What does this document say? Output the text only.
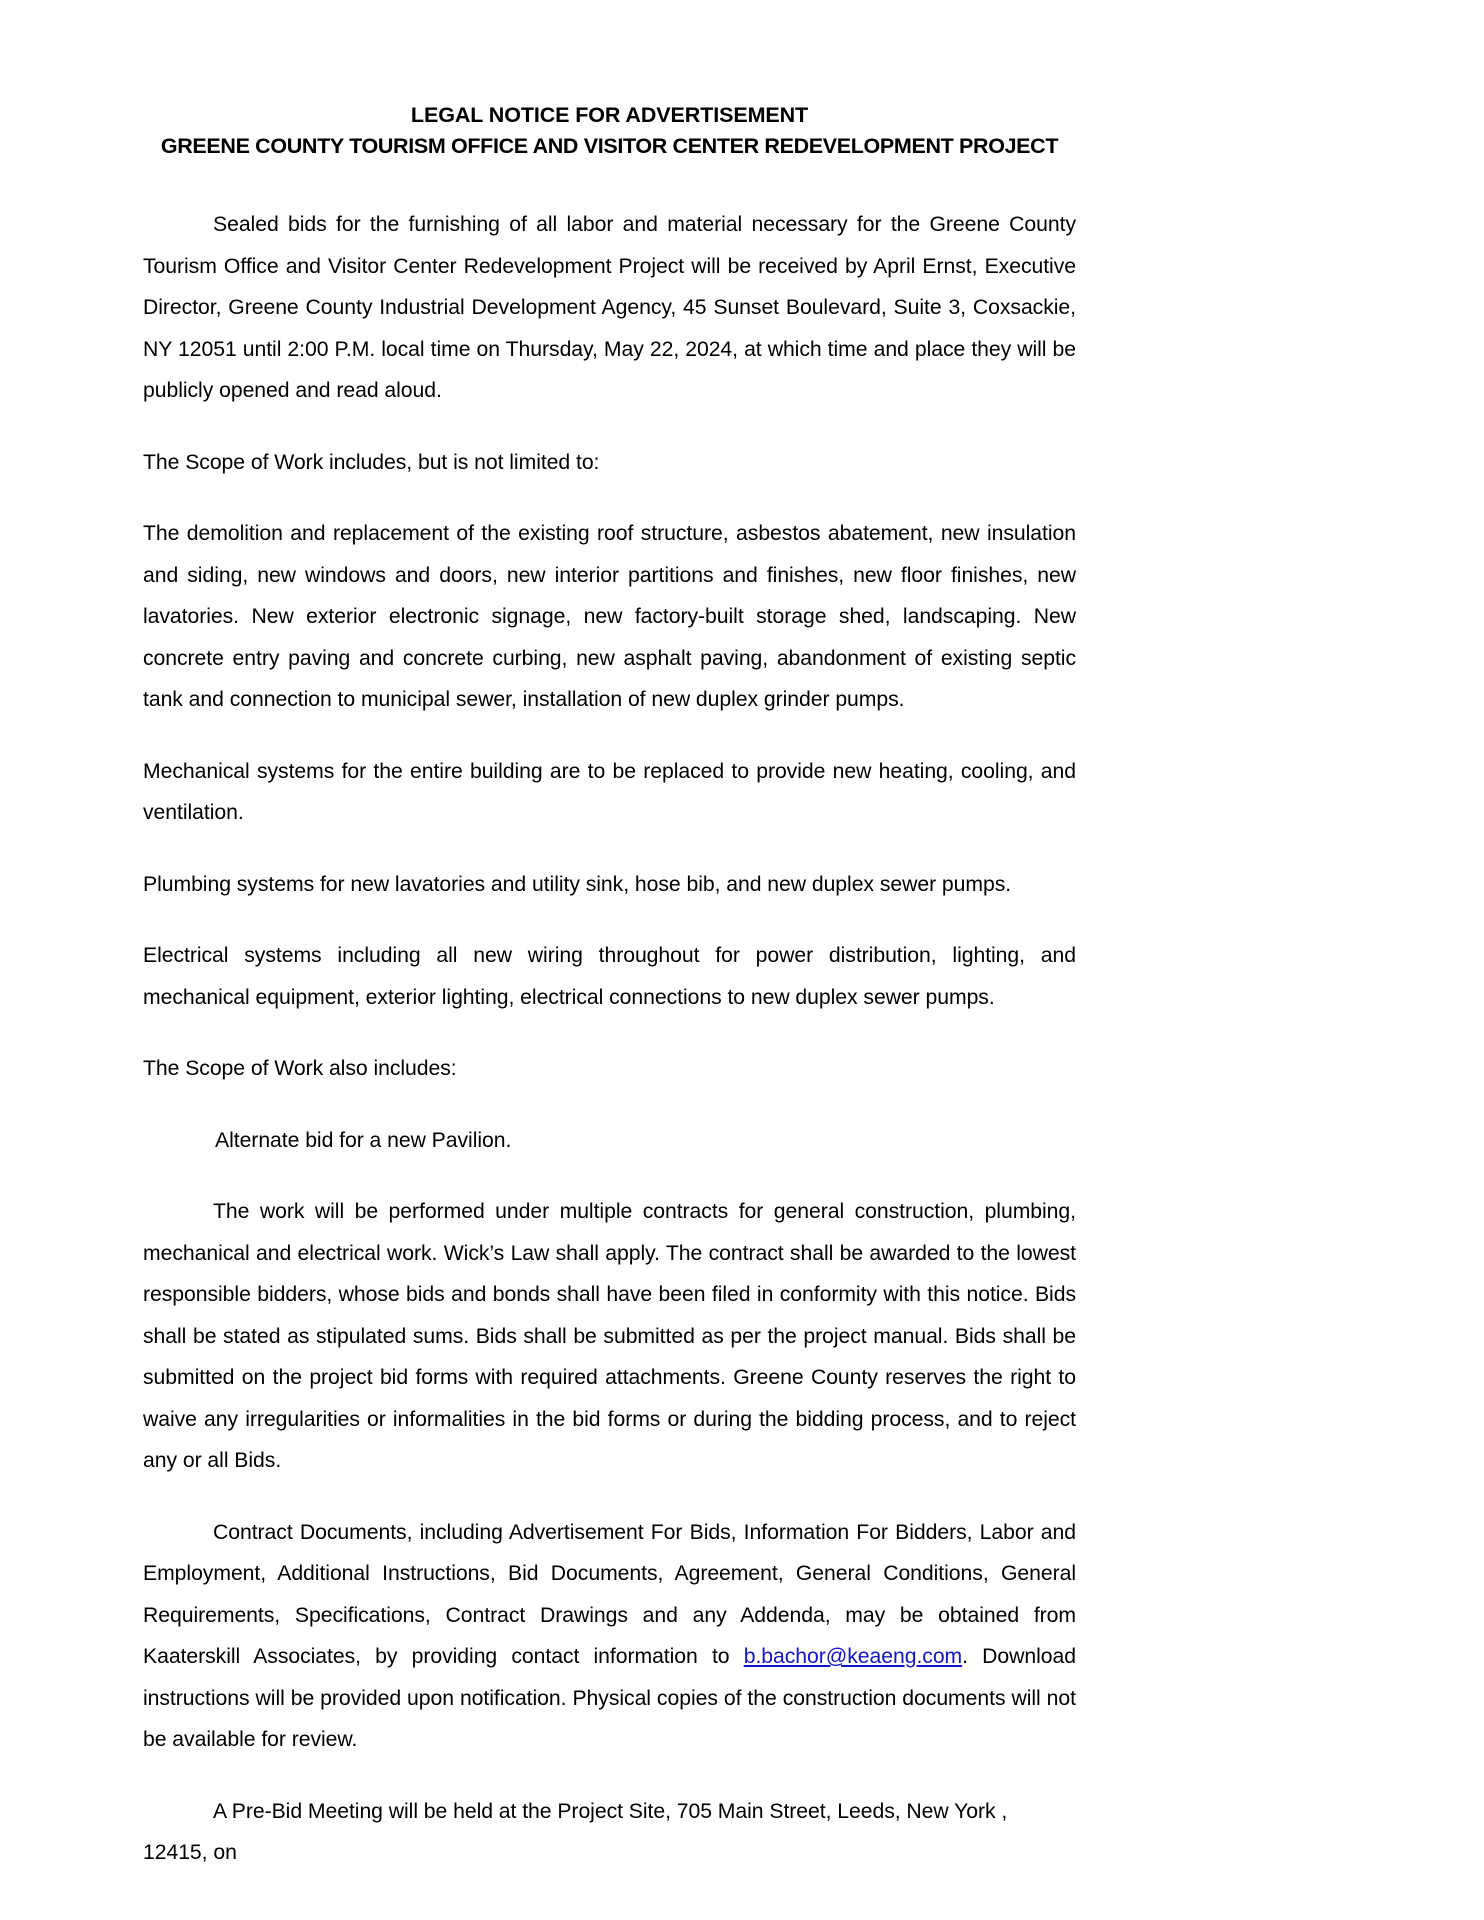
LEGAL NOTICE FOR ADVERTISEMENT
GREENE COUNTY TOURISM OFFICE AND VISITOR CENTER REDEVELOPMENT PROJECT

Sealed bids for the furnishing of all labor and material necessary for the Greene County Tourism Office and Visitor Center Redevelopment Project will be received by April Ernst, Executive Director, Greene County Industrial Development Agency, 45 Sunset Boulevard, Suite 3, Coxsackie, NY 12051 until 2:00 P.M. local time on Thursday, May 22, 2024, at which time and place they will be publicly opened and read aloud.

The Scope of Work includes, but is not limited to:

The demolition and replacement of the existing roof structure, asbestos abatement, new insulation and siding, new windows and doors, new interior partitions and finishes, new floor finishes, new lavatories. New exterior electronic signage, new factory-built storage shed, landscaping. New concrete entry paving and concrete curbing, new asphalt paving, abandonment of existing septic tank and connection to municipal sewer, installation of new duplex grinder pumps.

Mechanical systems for the entire building are to be replaced to provide new heating, cooling, and ventilation.

Plumbing systems for new lavatories and utility sink, hose bib, and new duplex sewer pumps.

Electrical systems including all new wiring throughout for power distribution, lighting, and mechanical equipment, exterior lighting, electrical connections to new duplex sewer pumps.

The Scope of Work also includes:

Alternate bid for a new Pavilion.

The work will be performed under multiple contracts for general construction, plumbing, mechanical and electrical work. Wick’s Law shall apply. The contract shall be awarded to the lowest responsible bidders, whose bids and bonds shall have been filed in conformity with this notice. Bids shall be stated as stipulated sums. Bids shall be submitted as per the project manual. Bids shall be submitted on the project bid forms with required attachments. Greene County reserves the right to waive any irregularities or informalities in the bid forms or during the bidding process, and to reject any or all Bids.

Contract Documents, including Advertisement For Bids, Information For Bidders, Labor and Employment, Additional Instructions, Bid Documents, Agreement, General Conditions, General Requirements, Specifications, Contract Drawings and any Addenda, may be obtained from Kaaterskill Associates, by providing contact information to b.bachor@keaeng.com. Download instructions will be provided upon notification. Physical copies of the construction documents will not be available for review.

A Pre-Bid Meeting will be held at the Project Site, 705 Main Street, Leeds, New York , 12415, on
